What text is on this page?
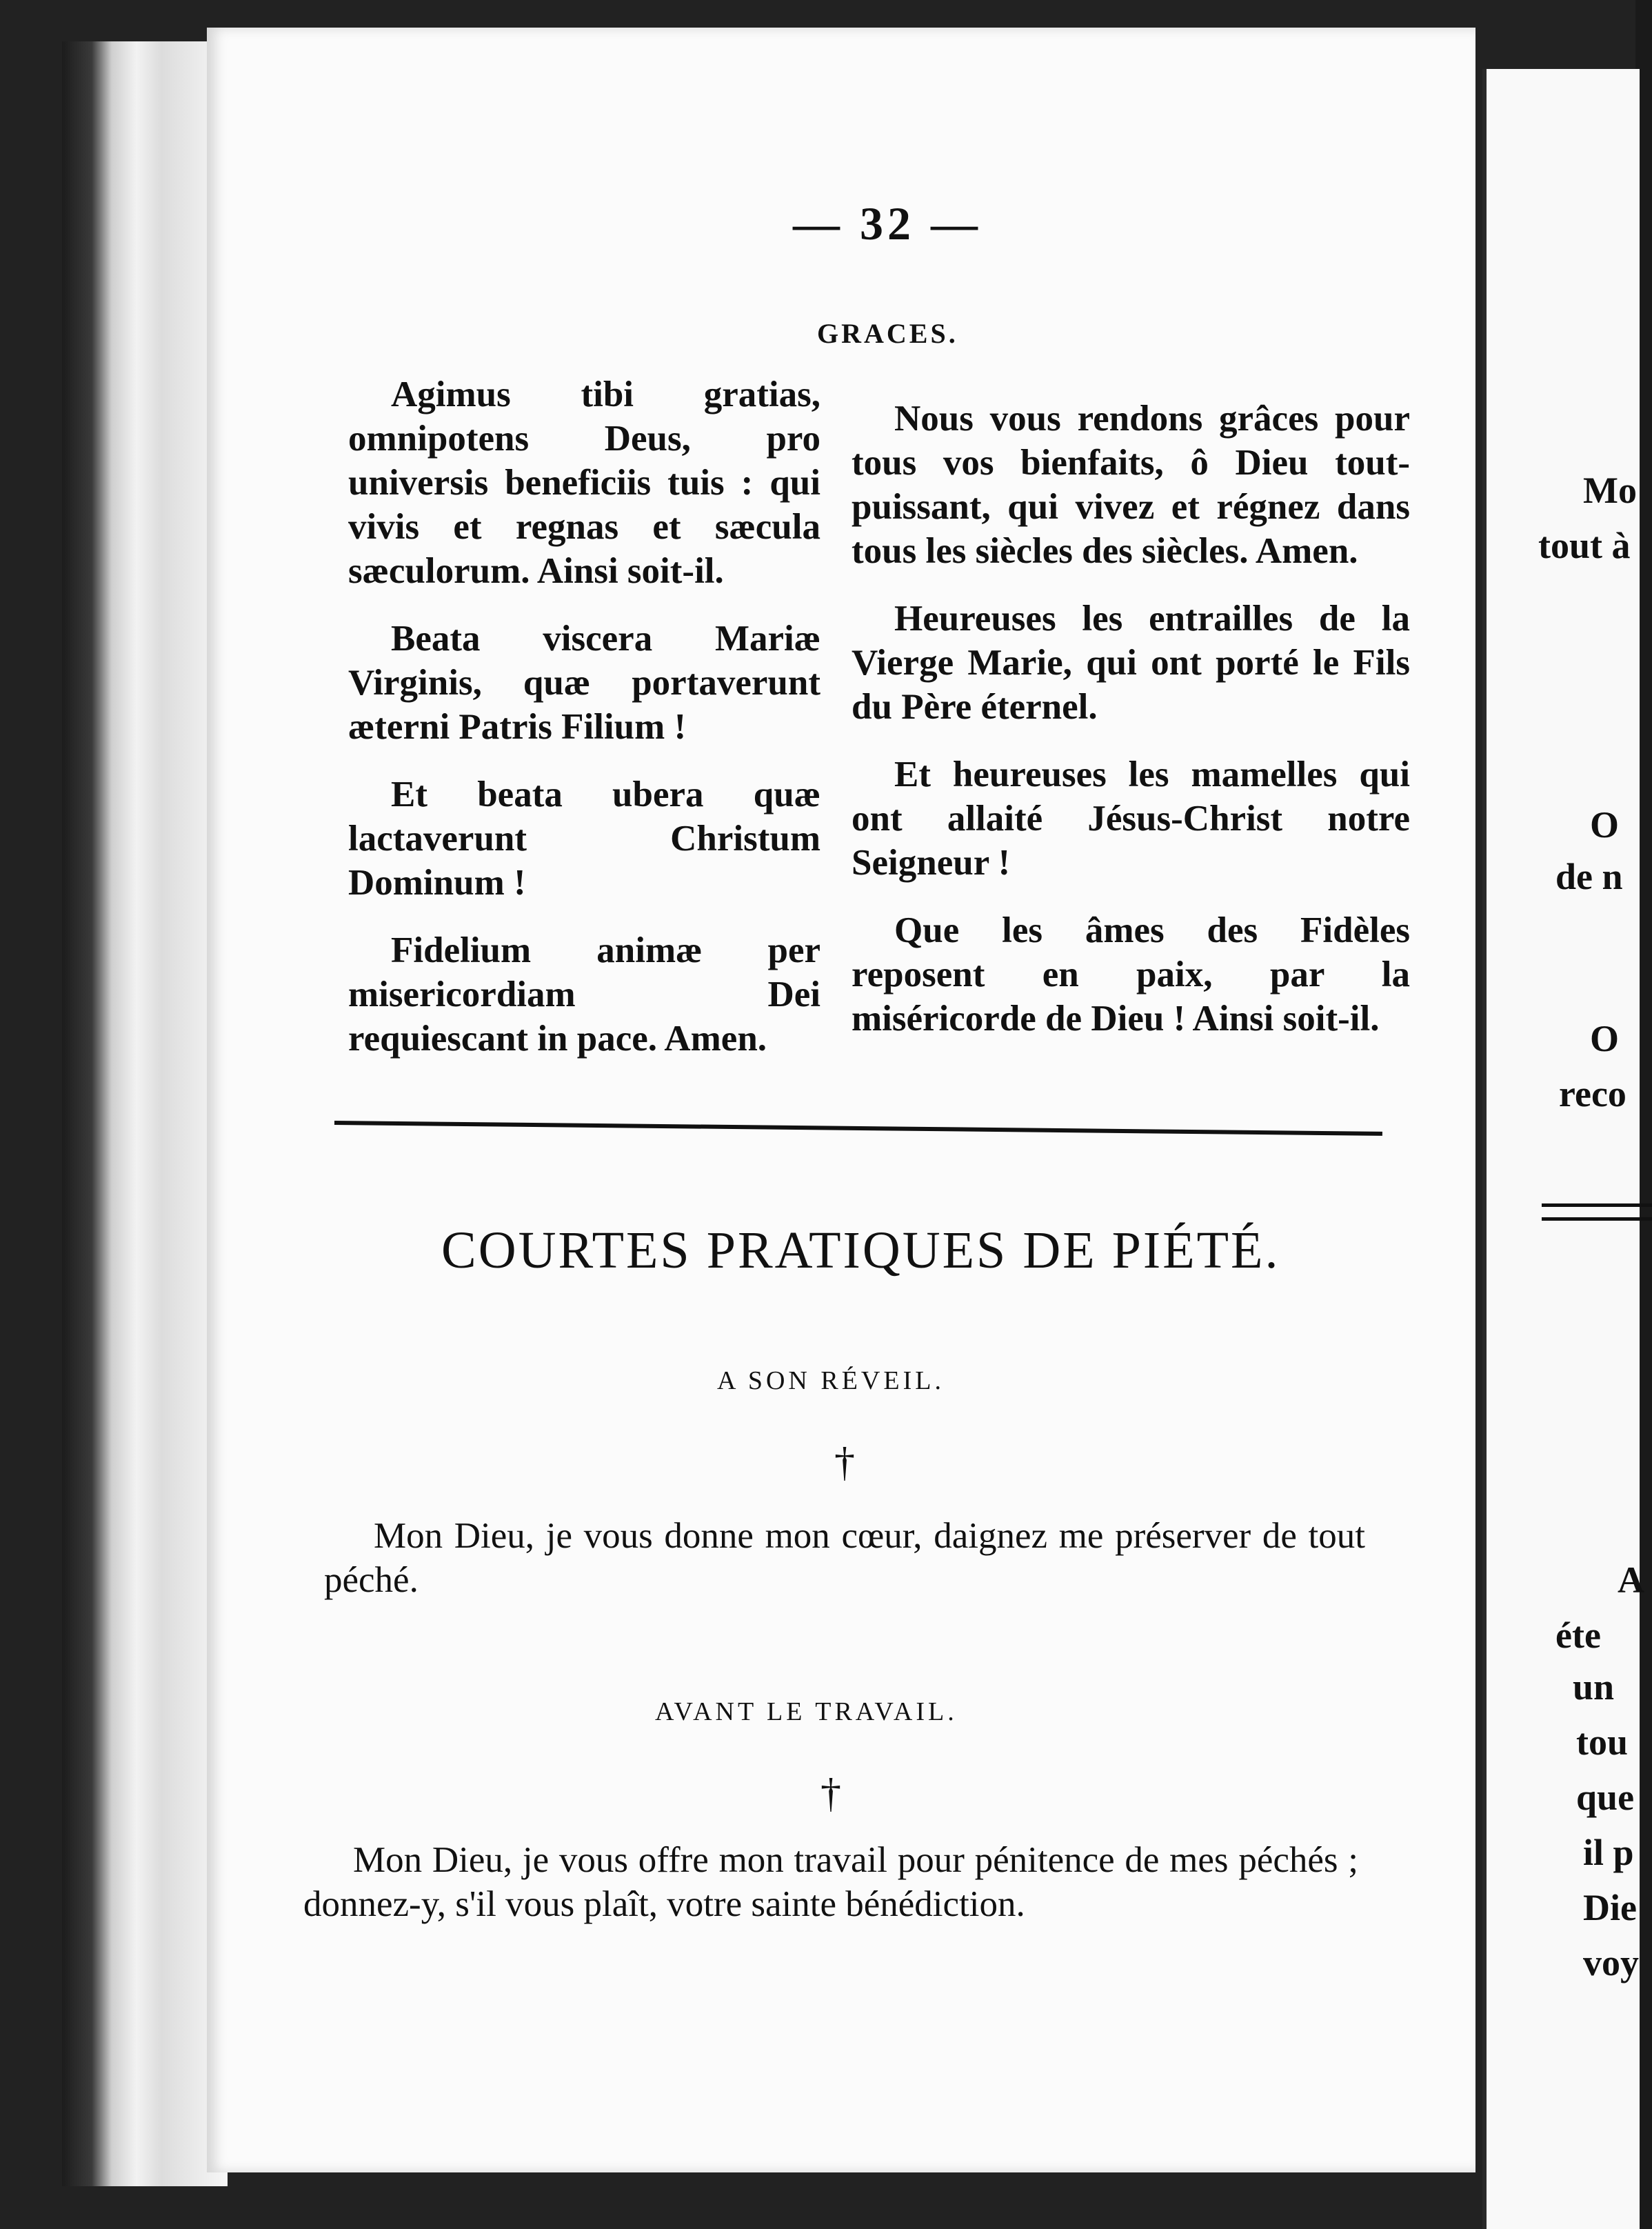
— 32 —
GRACES.

Agimus tibi gratias, omnipotens Deus, pro universis beneficiis tuis : qui vivis et regnas et sæcula sæculorum. Ainsi soit-il.

Beata viscera Mariæ Virginis, quæ portaverunt æterni Patris Filium !

Et beata ubera quæ lactaverunt Christum Dominum !

Fidelium animæ per misericordiam Dei requiescant in pace. Amen.

Nous vous rendons grâces pour tous vos bienfaits, ô Dieu tout-puissant, qui vivez et régnez dans tous les siècles des siècles. Amen.

Heureuses les entrailles de la Vierge Marie, qui ont porté le Fils du Père éternel.

Et heureuses les mamelles qui ont allaité Jésus-Christ notre Seigneur !

Que les âmes des Fidèles reposent en paix, par la miséricorde de Dieu ! Ainsi soit-il.

COURTES PRATIQUES DE PIÉTÉ.
A SON RÉVEIL.
†

Mon Dieu, je vous donne mon cœur, daignez me préserver de tout péché.

AVANT LE TRAVAIL.
†

Mon Dieu, je vous offre mon travail pour pénitence de mes péchés ; donnez-y, s'il vous plaît, votre sainte bénédiction.

Mo
tout à
O
de n
O
reco
A
éte
un
tou
que
il p
Die
voy
